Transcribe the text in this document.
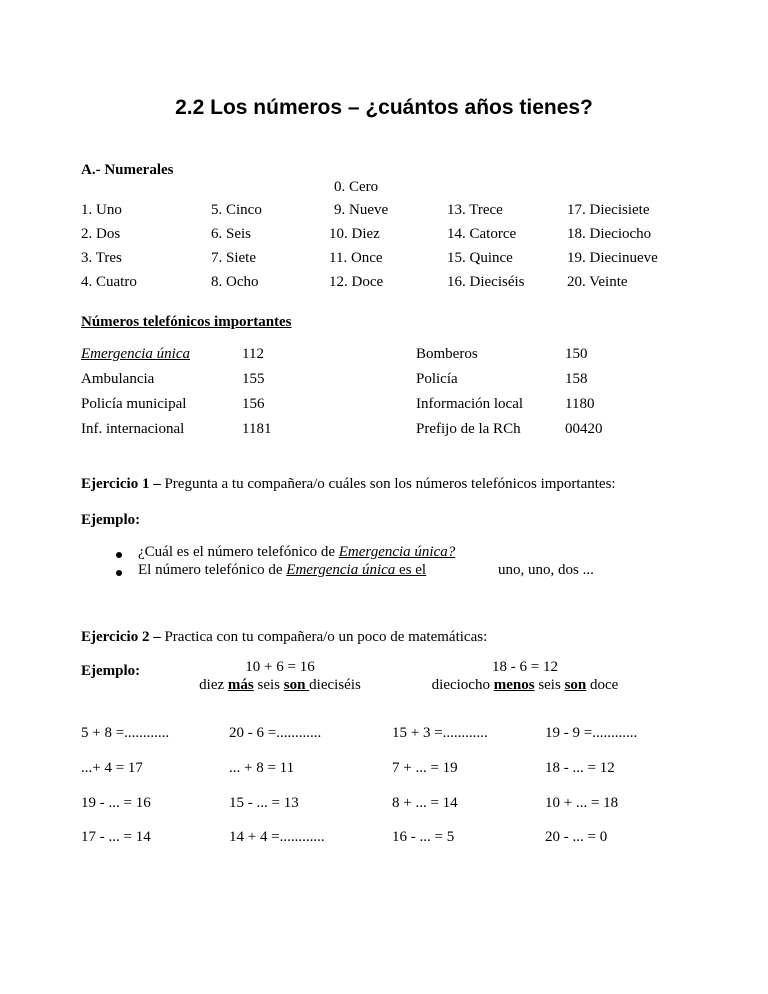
2.2 Los números – ¿cuántos años tienes?
A.- Numerales
0. Cero
1. Uno	5. Cinco	9. Nueve	13. Trece	17. Diecisiete
2. Dos	6. Seis	10. Diez	14. Catorce	18. Dieciocho
3. Tres	7. Siete	11. Once	15. Quince	19. Diecinueve
4. Cuatro	8. Ocho	12. Doce	16. Dieciséis	20. Veinte
Números telefónicos importantes
Emergencia única	112	Bomberos	150
Ambulancia	155	Policía	158
Policía municipal	156	Información local	1180
Inf. internacional	1181	Prefijo de la RCh	00420
Ejercicio 1 – Pregunta a tu compañera/o cuáles son los números telefónicos importantes:
Ejemplo:
¿Cuál es el número telefónico de Emergencia única?
El número telefónico de Emergencia única es el	uno, uno, dos ...
Ejercicio 2 – Practica con tu compañera/o un poco de matemáticas:
Ejemplo:	10 + 6 = 16
diez más seis son dieciséis
18 - 6 = 12
dieciocho menos seis son doce
5 + 8 =............	20 - 6 =............	15 + 3 =............	19 - 9 =............
...+ 4 = 17	... + 8 = 11	7 + ... = 19	18 - ... = 12
19 - ... = 16	15 - ... = 13	8 + ... = 14	10 + ... = 18
17 - ... = 14	14 + 4 =............	16 - ... = 5	20 - ... = 0
